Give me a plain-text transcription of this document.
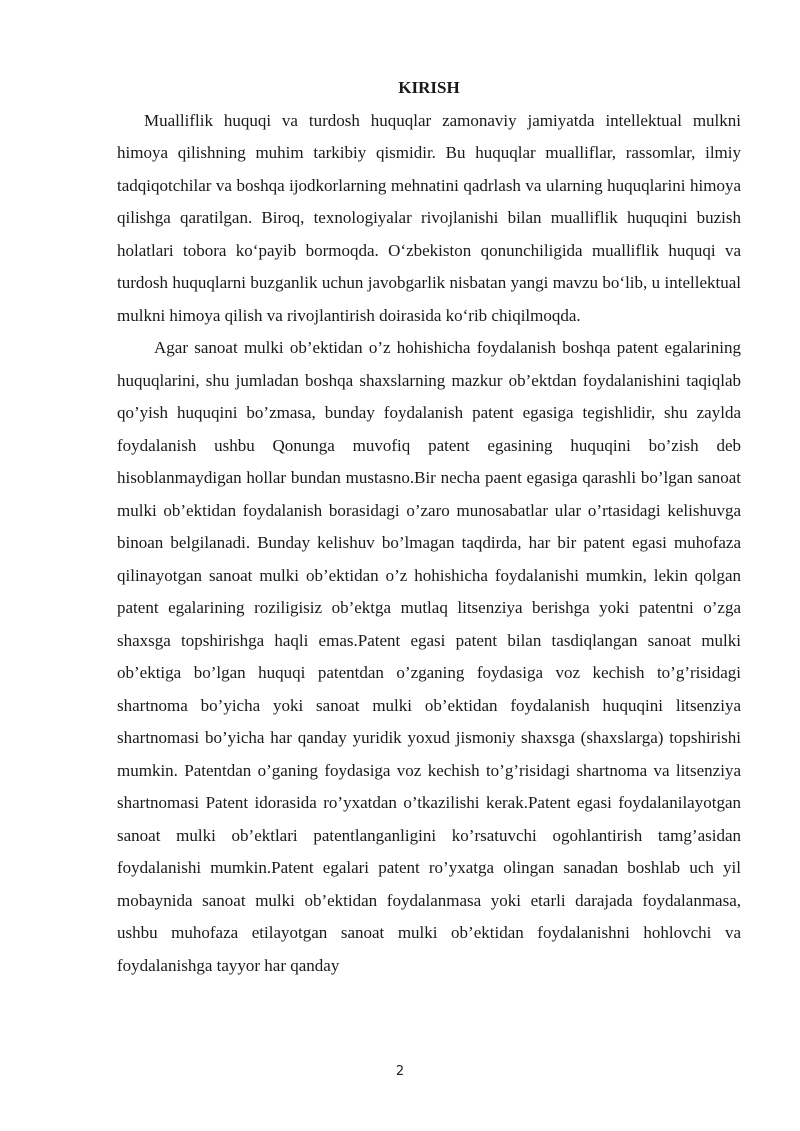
KIRISH

Mualliflik huquqi va turdosh huquqlar zamonaviy jamiyatda intellektual mulkni himoya qilishning muhim tarkibiy qismidir. Bu huquqlar mualliflar, rassomlar, ilmiy tadqiqotchilar va boshqa ijodkorlarning mehnatini qadrlash va ularning huquqlarini himoya qilishga qaratilgan. Biroq, texnologiyalar rivojlanishi bilan mualliflik huquqini buzish holatlari tobora ko‘payib bormoqda. O‘zbekiston qonunchiligida mualliflik huquqi va turdosh huquqlarni buzganlik uchun javobgarlik nisbatan yangi mavzu bo‘lib, u intellektual mulkni himoya qilish va rivojlantirish doirasida ko‘rib chiqilmoqda.

Agar sanoat mulki ob’ektidan o’z hohishicha foydalanish boshqa patent egalarining huquqlarini, shu jumladan boshqa shaxslarning mazkur ob’ektdan foydalanishini taqiqlab qo’yish huquqini bo’zmasa, bunday foydalanish patent egasiga tegishlidir, shu zaylda foydalanish ushbu Qonunga muvofiq patent egasining huquqini bo’zish deb hisoblanmaydigan hollar bundan mustasno.Bir necha paent egasiga qarashli bo’lgan sanoat mulki ob’ektidan foydalanish borasidagi o’zaro munosabatlar ular o’rtasidagi kelishuvga binoan belgilanadi. Bunday kelishuv bo’lmagan taqdirda, har bir patent egasi muhofaza qilinayotgan sanoat mulki ob’ektidan o’z hohishicha foydalanishi mumkin, lekin qolgan patent egalarining roziligisiz ob’ektga mutlaq litsenziya berishga yoki patentni o’zga shaxsga topshirishga haqli emas.Patent egasi patent bilan tasdiqlangan sanoat mulki ob’ektiga bo’lgan huquqi patentdan o’zganing foydasiga voz kechish to’g’risidagi shartnoma bo’yicha yoki sanoat mulki ob’ektidan foydalanish huquqini litsenziya shartnomasi bo’yicha har qanday yuridik yoxud jismoniy shaxsga (shaxslarga) topshirishi mumkin. Patentdan o’ganing foydasiga voz kechish to’g’risidagi shartnoma va litsenziya shartnomasi Patent idorasida ro’yxatdan o’tkazilishi kerak.Patent egasi foydalanilayotgan sanoat mulki ob’ektlari patentlanganligini ko’rsatuvchi ogohlantirish tamg’asidan foydalanishi mumkin.Patent egalari patent ro’yxatga olingan sanadan boshlab uch yil mobaynida sanoat mulki ob’ektidan foydalanmasa yoki etarli darajada foydalanmasa, ushbu muhofaza etilayotgan sanoat mulki ob’ektidan foydalanishni hohlovchi va foydalanishga tayyor har qanday

2
